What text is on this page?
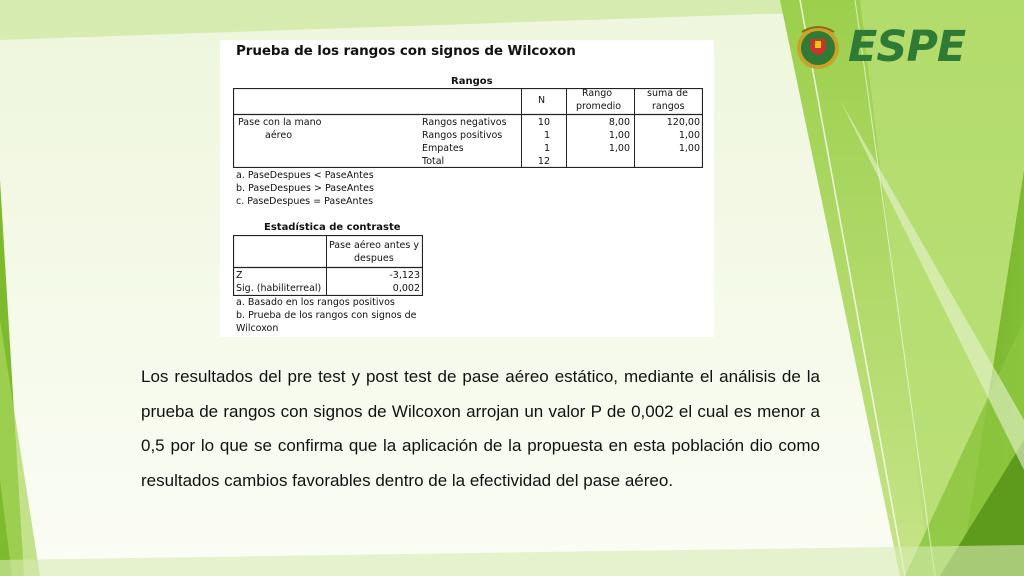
ESPE
Prueba de los rangos con signos de Wilcoxon
Rangos
N
Rango
promedio
suma de
rangos
Pase con la mano
aéreo
Rangos negativos
Rangos positivos
Empates
Total
10
1
1
12
8,00
1,00
1,00
120,00
1,00
1,00
a. PaseDespues < PaseAntes
b. PaseDespues > PaseAntes
c. PaseDespues = PaseAntes
Estadística de contraste
Pase aéreo antes y
despues
Z
Sig. (habiliterreal)
-3,123
0,002
a. Basado en los rangos positivos
b. Prueba de los rangos con signos de
Wilcoxon

Los resultados del pre test y post test de pase aéreo estático, mediante el análisis de la prueba de rangos con signos de Wilcoxon arrojan un valor P de 0,002 el cual es menor a 0,5 por lo que se confirma que la aplicación de la propuesta en esta población dio como resultados cambios favorables dentro de la efectividad del pase aéreo.
